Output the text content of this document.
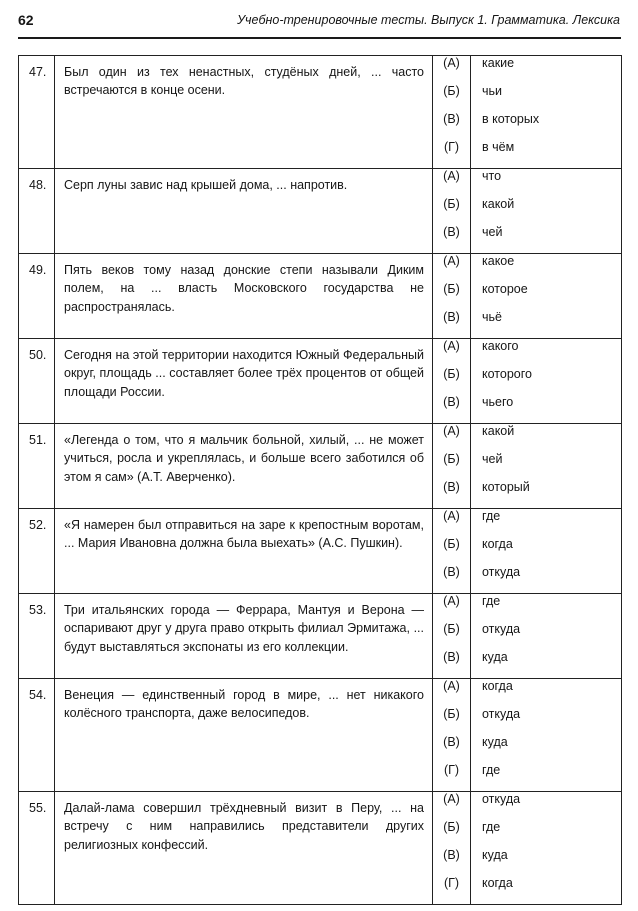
62	Учебно-тренировочные тесты. Выпуск 1. Грамматика. Лексика
47.	Был один из тех ненастных, студёных дней, ... часто встречаются в конце осени.	(А)	какие
		(Б)	чьи
		(В)	в которых
		(Г)	в чём
48.	Серп луны завис над крышей дома, ... напротив.	(А)	что
		(Б)	какой
		(В)	чей
49.	Пять веков тому назад донские степи называли Диким полем, на ... власть Московского государства не распространялась.	(А)	какое
		(Б)	которое
		(В)	чьё
50.	Сегодня на этой территории находится Южный Федеральный округ, площадь ... составляет более трёх процентов от общей площади России.	(А)	какого
		(Б)	которого
		(В)	чьего
51.	«Легенда о том, что я мальчик больной, хилый, ... не может учиться, росла и укреплялась, и больше всего заботился об этом я сам» (А.Т. Аверченко).	(А)	какой
		(Б)	чей
		(В)	который
52.	«Я намерен был отправиться на заре к крепостным воротам, ... Мария Ивановна должна была выехать» (А.С. Пушкин).	(А)	где
		(Б)	когда
		(В)	откуда
53.	Три итальянских города — Феррара, Мантуя и Верона — оспаривают друг у друга право открыть филиал Эрмитажа, ... будут выставляться экспонаты из его коллекции.	(А)	где
		(Б)	откуда
		(В)	куда
54.	Венеция — единственный город в мире, ... нет никакого колёсного транспорта, даже велосипедов.	(А)	когда
		(Б)	откуда
		(В)	куда
		(Г)	где
55.	Далай-лама совершил трёхдневный визит в Перу, ... на встречу с ним направились представители других религиозных конфессий.	(А)	откуда
		(Б)	где
		(В)	куда
		(Г)	когда
